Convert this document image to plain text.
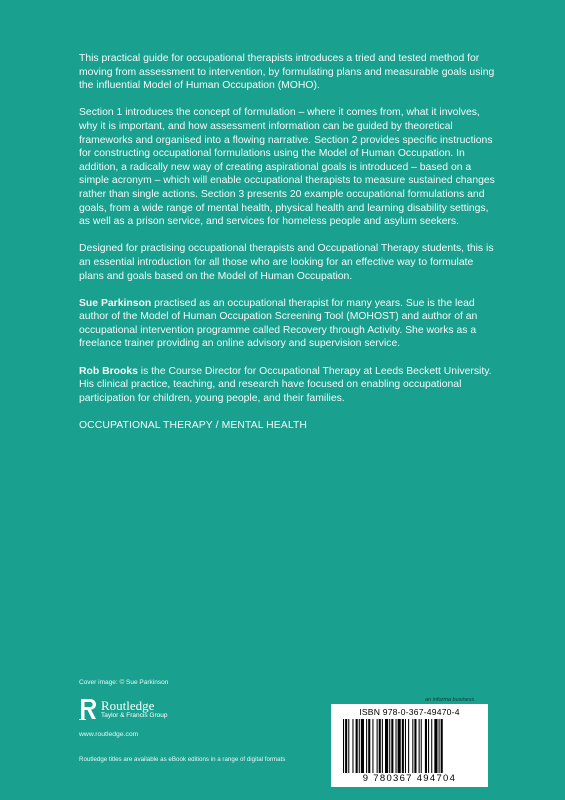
This practical guide for occupational therapists introduces a tried and tested method for moving from assessment to intervention, by formulating plans and measurable goals using the influential Model of Human Occupation (MOHO).

Section 1 introduces the concept of formulation – where it comes from, what it involves, why it is important, and how assessment information can be guided by theoretical frameworks and organised into a flowing narrative. Section 2 provides specific instructions for constructing occupational formulations using the Model of Human Occupation. In addition, a radically new way of creating aspirational goals is introduced – based on a simple acronym – which will enable occupational therapists to measure sustained changes rather than single actions. Section 3 presents 20 example occupational formulations and goals, from a wide range of mental health, physical health and learning disability settings, as well as a prison service, and services for homeless people and asylum seekers.

Designed for practising occupational therapists and Occupational Therapy students, this is an essential introduction for all those who are looking for an effective way to formulate plans and goals based on the Model of Human Occupation.

Sue Parkinson practised as an occupational therapist for many years. Sue is the lead author of the Model of Human Occupation Screening Tool (MOHOST) and author of an occupational intervention programme called Recovery through Activity. She works as a freelance trainer providing an online advisory and supervision service.

Rob Brooks is the Course Director for Occupational Therapy at Leeds Beckett University. His clinical practice, teaching, and research have focused on enabling occupational participation for children, young people, and their families.

OCCUPATIONAL THERAPY / MENTAL HEALTH

Cover image: © Sue Parkinson
Routledge
Taylor & Francis Group
www.routledge.com
Routledge titles are available as eBook editions in a range of digital formats
an informa business
ISBN 978-0-367-49470-4
9 780367 494704
